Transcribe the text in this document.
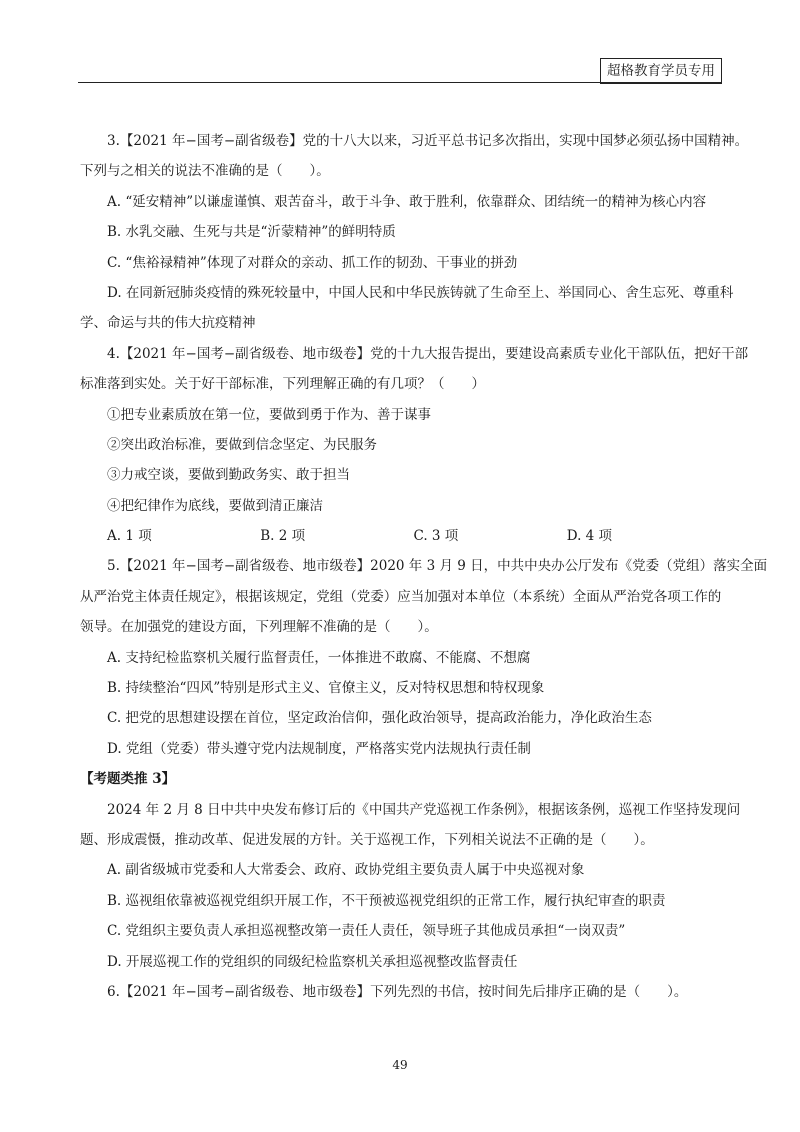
超格教育学员专用
3.【2021 年−国考−副省级卷】党的十八大以来，习近平总书记多次指出，实现中国梦必须弘扬中国精神。
下列与之相关的说法不准确的是（　　）。
A. “延安精神”以谦虚谨慎、艰苦奋斗，敢于斗争、敢于胜利，依靠群众、团结统一的精神为核心内容
B. 水乳交融、生死与共是“沂蒙精神”的鲜明特质
C. “焦裕禄精神”体现了对群众的亲动、抓工作的韧劲、干事业的拼劲
D. 在同新冠肺炎疫情的殊死较量中，中国人民和中华民族铸就了生命至上、举国同心、舍生忘死、尊重科
学、命运与共的伟大抗疫精神
4.【2021 年−国考−副省级卷、地市级卷】党的十九大报告提出，要建设高素质专业化干部队伍，把好干部
标准落到实处。关于好干部标准，下列理解正确的有几项？（　　）
①把专业素质放在第一位，要做到勇于作为、善于谋事
②突出政治标准，要做到信念坚定、为民服务
③力戒空谈，要做到勤政务实、敢于担当
④把纪律作为底线，要做到清正廉洁
A. 1 项	B. 2 项	C. 3 项	D. 4 项
5.【2021 年−国考−副省级卷、地市级卷】2020 年 3 月 9 日，中共中央办公厅发布《党委（党组）落实全面
从严治党主体责任规定》，根据该规定，党组（党委）应当加强对本单位（本系统）全面从严治党各项工作的
领导。在加强党的建设方面，下列理解不准确的是（　　）。
A. 支持纪检监察机关履行监督责任，一体推进不敢腐、不能腐、不想腐
B. 持续整治“四风”特别是形式主义、官僚主义，反对特权思想和特权现象
C. 把党的思想建设摆在首位，坚定政治信仰，强化政治领导，提高政治能力，净化政治生态
D. 党组（党委）带头遵守党内法规制度，严格落实党内法规执行责任制
【考题类推 3】
2024 年 2 月 8 日中共中央发布修订后的《中国共产党巡视工作条例》，根据该条例，巡视工作坚持发现问
题、形成震慑，推动改革、促进发展的方针。关于巡视工作，下列相关说法不正确的是（　　）。
A. 副省级城市党委和人大常委会、政府、政协党组主要负责人属于中央巡视对象
B. 巡视组依靠被巡视党组织开展工作，不干预被巡视党组织的正常工作，履行执纪审查的职责
C. 党组织主要负责人承担巡视整改第一责任人责任，领导班子其他成员承担“一岗双责”
D. 开展巡视工作的党组织的同级纪检监察机关承担巡视整改监督责任
6.【2021 年−国考−副省级卷、地市级卷】下列先烈的书信，按时间先后排序正确的是（　　）。
49
